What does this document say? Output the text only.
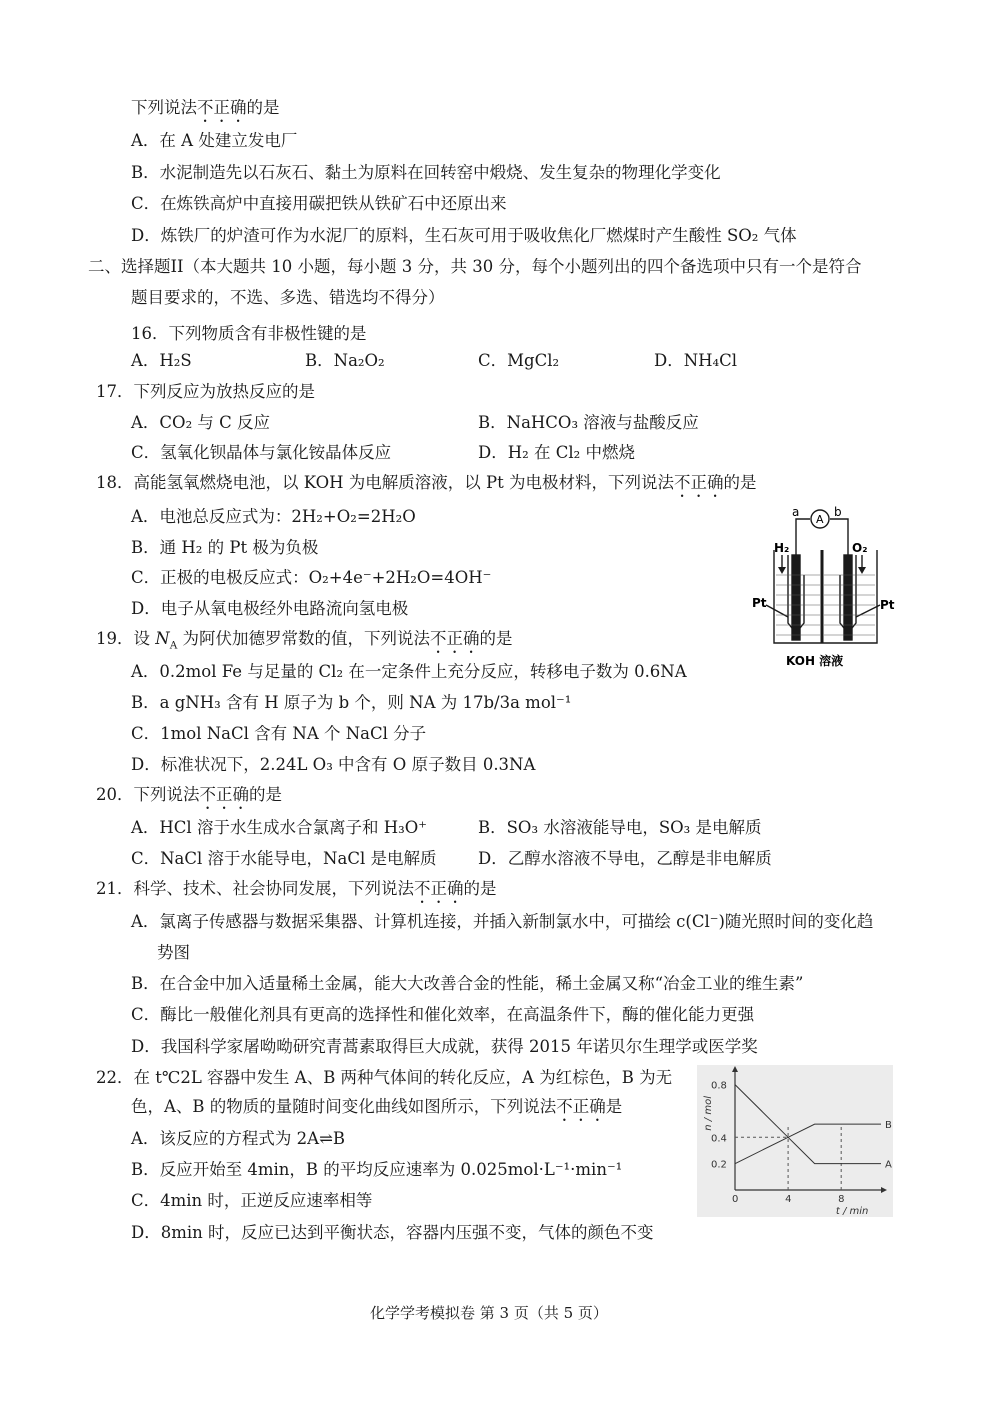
下列说法不正确的是
A．在 A 处建立发电厂
B．水泥制造先以石灰石、黏土为原料在回转窑中煅烧、发生复杂的物理化学变化
C．在炼铁高炉中直接用碳把铁从铁矿石中还原出来
D．炼铁厂的炉渣可作为水泥厂的原料，生石灰可用于吸收焦化厂燃煤时产生酸性 SO₂ 气体
二、选择题II（本大题共 10 小题，每小题 3 分，共 30 分，每个小题列出的四个备选项中只有一个是符合
题目要求的，不选、多选、错选均不得分）
16．下列物质含有非极性键的是
A．H₂S	B．Na₂O₂	C．MgCl₂	D．NH₄Cl
17．下列反应为放热反应的是
A．CO₂ 与 C 反应	B．NaHCO₃ 溶液与盐酸反应
C．氢氧化钡晶体与氯化铵晶体反应	D．H₂ 在 Cl₂ 中燃烧
18．高能氢氧燃烧电池，以 KOH 为电解质溶液，以 Pt 为电极材料，下列说法不正确的是
A．电池总反应式为：2H₂+O₂=2H₂O
B．通 H₂ 的 Pt 极为负极
C．正极的电极反应式：O₂+4e⁻+2H₂O=4OH⁻
D．电子从氧电极经外电路流向氢电极
a	b
A
H₂	O₂
Pt	Pt
KOH 溶液
19．设 $N_A$ 为阿伏加德罗常数的值，下列说法不正确的是
A．0.2mol Fe 与足量的 Cl₂ 在一定条件上充分反应，转移电子数为 0.6NA
B．a gNH₃ 含有 H 原子为 b 个，则 NA 为 17b/3a mol⁻¹
C．1mol NaCl 含有 NA 个 NaCl 分子
D．标准状况下，2.24L O₃ 中含有 O 原子数目 0.3NA
20．下列说法不正确的是
A．HCl 溶于水生成水合氯离子和 H₃O⁺	B．SO₃ 水溶液能导电，SO₃ 是电解质
C．NaCl 溶于水能导电，NaCl 是电解质	D．乙醇水溶液不导电，乙醇是非电解质
21．科学、技术、社会协同发展，下列说法不正确的是
A．氯离子传感器与数据采集器、计算机连接，并插入新制氯水中，可描绘 c(Cl⁻)随光照时间的变化趋
势图
B．在合金中加入适量稀土金属，能大大改善合金的性能，稀土金属又称“冶金工业的维生素”
C．酶比一般催化剂具有更高的选择性和催化效率，在高温条件下，酶的催化能力更强
D．我国科学家屠呦呦研究青蒿素取得巨大成就，获得 2015 年诺贝尔生理学或医学奖
22．在 t℃2L 容器中发生 A、B 两种气体间的转化反应，A 为红棕色，B 为无
色，A、B 的物质的量随时间变化曲线如图所示，下列说法不正确是
A．该反应的方程式为 2A⇌B
B．反应开始至 4min，B 的平均反应速率为 0.025mol·L⁻¹·min⁻¹
C．4min 时，正逆反应速率相等
D．8min 时，反应已达到平衡状态，容器内压强不变，气体的颜色不变
0.2
0.4
0.8
0	4	8
A
B
n / mol
t / min
化学学考模拟卷 第 3 页（共 5 页）
